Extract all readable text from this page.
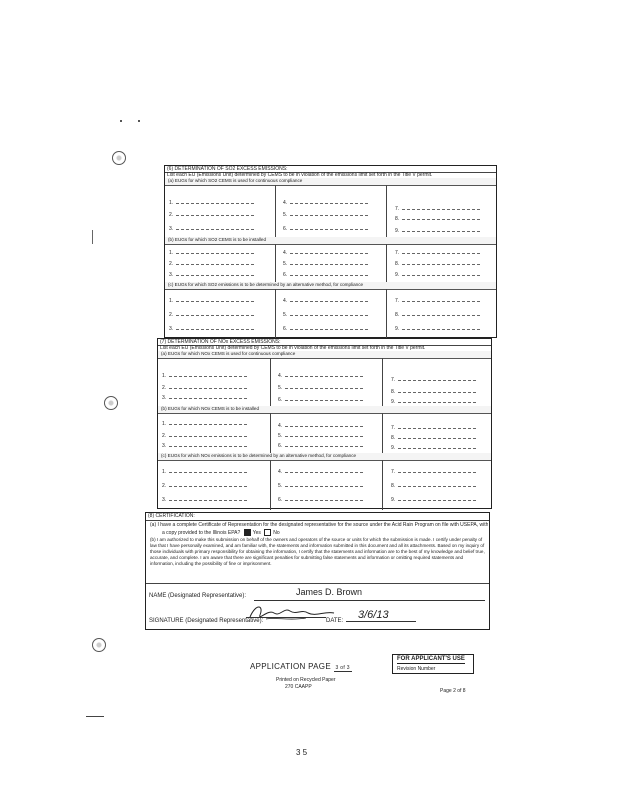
(6) DETERMINATION OF SO2 EXCESS EMISSIONS:
List each EU (Emissions Unit) determined by CEMS to be in violation of the emissions limit set forth in the Title V permit.
(a) EUGs for which SO2 CEMS is used for continuous compliance
(b) EUGs for which SO2 CEMS is to be installed
(c) EUGs for which SO2 emissions is to be determined by an alternative method, for compliance
1.
2.
3.
4.
5.
6.
7.
8.
9.
1.
2.
3.
4.
5.
6.
7.
8.
9.
1.
2.
3.
4.
5.
6.
7.
8.
9.
(7) DETERMINATION OF NOx EXCESS EMISSIONS:
List each EU (Emissions Unit) determined by CEMS to be in violation of the emissions limit set forth in the Title V permit.
(a) EUGs for which NOx CEMS is used for continuous compliance
(b) EUGs for which NOx CEMS is to be installed
(c) EUGs for which NOx emissions is to be determined by an alternative method, for compliance
1.
2.
3.
4.
5.
6.
7.
8.
9.
1.
2.
3.
4.
5.
6.
7.
8.
9.
1.
2.
3.
4.
5.
6.
7.
8.
9.
(8) CERTIFICATION:
(a) I have a complete Certificate of Representation for the designated representative for the source under the Acid Rain Program on file with USEPA, with
a copy provided to the Illinois EPA? Yes No
(b) I am authorized to make this submission on behalf of the owners and operators of the source or units for which the submission is made. I certify under penalty of law that I have personally examined, and am familiar with, the statements and information submitted in this document and all its attachments. Based on my inquiry of those individuals with primary responsibility for obtaining the information, I certify that the statements and information are to the best of my knowledge and belief true, accurate, and complete. I am aware that there are significant penalties for submitting false statements and information or omitting required statements and information, including the possibility of fine or imprisonment.
NAME (Designated Representative):	James D. Brown
SIGNATURE (Designated Representative):	DATE: 3/6/13
APPLICATION PAGE 3 of 3
Printed on Recycled Paper
270 CAAPP
FOR APPLICANT'S USE
Revision Number
Page 2 of 8
3 5
